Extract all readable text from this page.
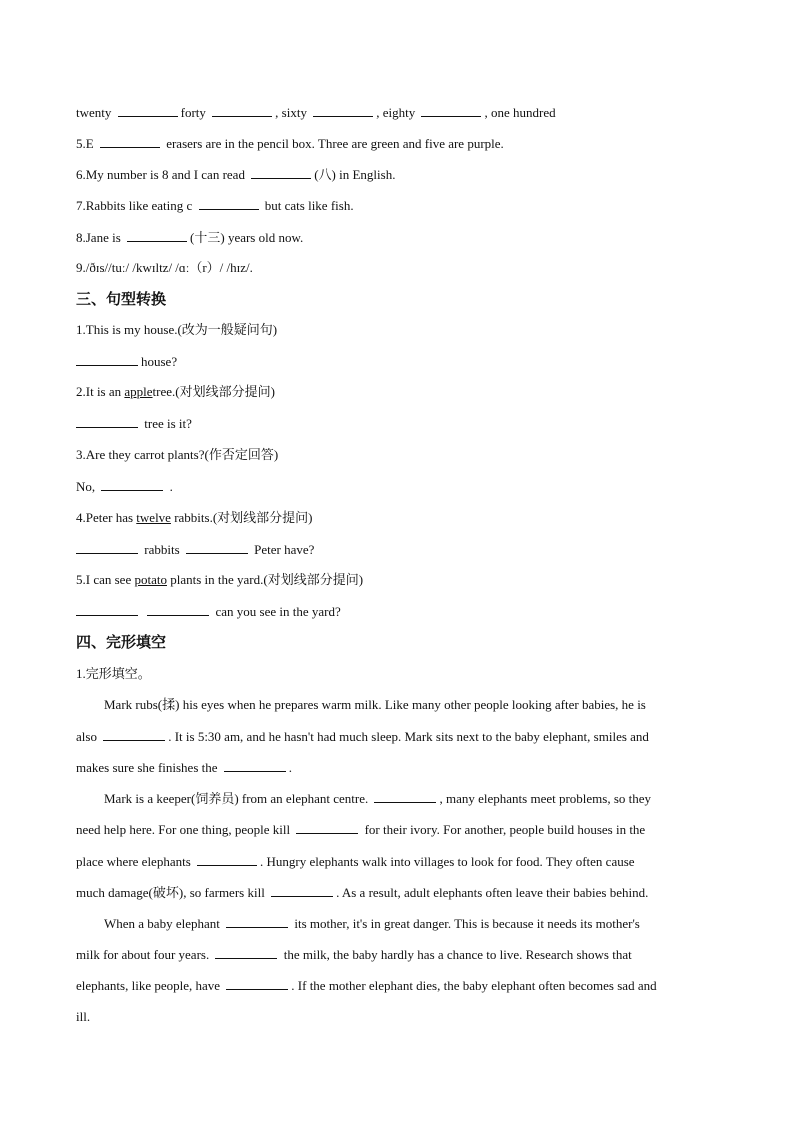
twenty	forty	, sixty	, eighty	, one hundred
5.E	erasers are in the pencil box. Three are green and five are purple.
6.My number is 8 and I can read	(八) in English.
7.Rabbits like eating c	but cats like fish.
8.Jane is	(十三) years old now.
9./ðɪs//tuː/ /kwɪltz/ /ɑː（r）/ /hɪz/.
三、句型转换
1.This is my house.(改为一般疑问句)
house?
2.It is an appletree.(对划线部分提问)
tree is it?
3.Are they carrot plants?(作否定回答)
No,	.
4.Peter has twelve rabbits.(对划线部分提问)
rabbits	Peter have?
5.I can see potato plants in the yard.(对划线部分提问)
can you see in the yard?
四、完形填空
1.完形填空。
Mark rubs(揉) his eyes when he prepares warm milk. Like many other people looking after babies, he is
also	. It is 5:30 am, and he hasn't had much sleep. Mark sits next to the baby elephant, smiles and
makes sure she finishes the	.
Mark is a keeper(饲养员) from an elephant centre.	, many elephants meet problems, so they
need help here. For one thing, people kill	for their ivory. For another, people build houses in the
place where elephants	. Hungry elephants walk into villages to look for food. They often cause
much damage(破坏), so farmers kill	. As a result, adult elephants often leave their babies behind.
When a baby elephant	its mother, it's in great danger. This is because it needs its mother's
milk for about four years.	the milk, the baby hardly has a chance to live. Research shows that
elephants, like people, have	. If the mother elephant dies, the baby elephant often becomes sad and
ill.
